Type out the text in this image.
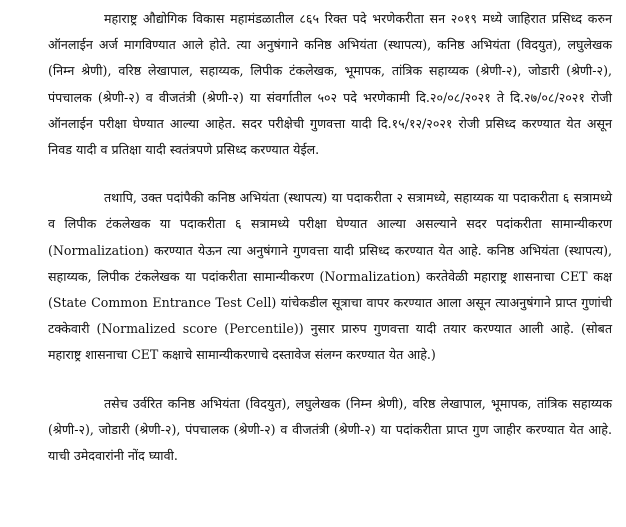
महाराष्ट्र औद्योगिक विकास महामंडळातील ८६५ रिक्त पदे भरणेकरीता सन २०१९ मध्ये जाहिरात प्रसिध्द करुन ऑनलाईन अर्ज मागविण्यात आले होते. त्या अनुषंगाने कनिष्ठ अभियंता (स्थापत्य), कनिष्ठ अभियंता (विदयुत), लघुलेखक (निम्न श्रेणी), वरिष्ठ लेखापाल, सहाय्यक, लिपीक टंकलेखक, भूमापक, तांत्रिक सहाय्यक (श्रेणी-२), जोडारी (श्रेणी-२), पंपचालक (श्रेणी-२) व वीजतंत्री (श्रेणी-२) या संवर्गातील ५०२ पदे भरणेकामी दि.२०/०८/२०२१ ते दि.२७/०८/२०२१ रोजी ऑनलाईन परीक्षा घेण्यात आल्या आहेत. सदर परीक्षेची गुणवत्ता यादी दि.१५/१२/२०२१ रोजी प्रसिध्द करण्यात येत असून निवड यादी व प्रतिक्षा यादी स्वतंत्रपणे प्रसिध्द करण्यात येईल.

तथापि, उक्त पदांपैकी कनिष्ठ अभियंता (स्थापत्य) या पदाकरीता २ सत्रामध्ये, सहाय्यक या पदाकरीता ६ सत्रामध्ये व लिपीक टंकलेखक या पदाकरीता ६ सत्रामध्ये परीक्षा घेण्यात आल्या असल्याने सदर पदांकरीता सामान्यीकरण (Normalization) करण्यात येऊन त्या अनुषंगाने गुणवत्ता यादी प्रसिध्द करण्यात येत आहे. कनिष्ठ अभियंता (स्थापत्य), सहाय्यक, लिपीक टंकलेखक या पदांकरीता सामान्यीकरण (Normalization) करतेवेळी महाराष्ट्र शासनाचा CET कक्ष (State Common Entrance Test Cell) यांचेकडील सूत्राचा वापर करण्यात आला असून त्याअनुषंगाने प्राप्त गुणांची टक्केवारी (Normalized score (Percentile)) नुसार प्रारुप गुणवत्ता यादी तयार करण्यात आली आहे. (सोबत महाराष्ट्र शासनाचा CET कक्षाचे सामान्यीकरणाचे दस्तावेज संलग्न करण्यात येत आहे.)

तसेच उर्वरित कनिष्ठ अभियंता (विदयुत), लघुलेखक (निम्न श्रेणी), वरिष्ठ लेखापाल, भूमापक, तांत्रिक सहाय्यक (श्रेणी-२), जोडारी (श्रेणी-२), पंपचालक (श्रेणी-२) व वीजतंत्री (श्रेणी-२) या पदांकरीता प्राप्त गुण जाहीर करण्यात येत आहे. याची उमेदवारांनी नोंद घ्यावी.
